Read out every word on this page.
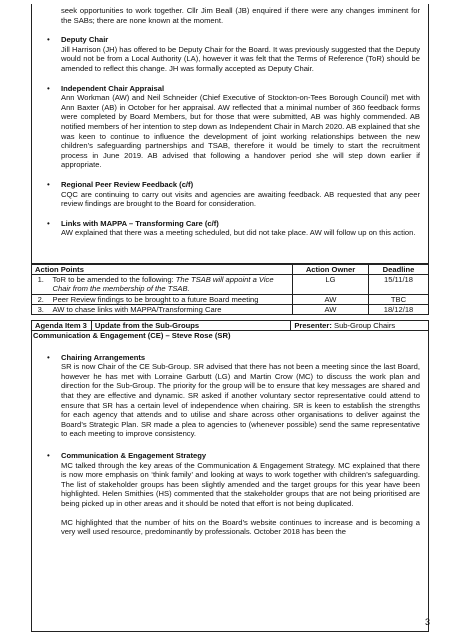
seek opportunities to work together. Cllr Jim Beall (JB) enquired if there were any changes imminent for the SABs; there are none known at the moment.

• Deputy Chair

Jill Harrison (JH) has offered to be Deputy Chair for the Board. It was previously suggested that the Deputy would not be from a Local Authority (LA), however it was felt that the Terms of Reference (ToR) should be amended to reflect this change. JH was formally accepted as Deputy Chair.

• Independent Chair Appraisal

Ann Workman (AW) and Neil Schneider (Chief Executive of Stockton-on-Tees Borough Council) met with Ann Baxter (AB) in October for her appraisal. AW reflected that a minimal number of 360 feedback forms were completed by Board Members, but for those that were submitted, AB was highly commended. AB notified members of her intention to step down as Independent Chair in March 2020. AB explained that she was keen to continue to influence the development of joint working relationships between the new children’s safeguarding partnerships and TSAB, therefore it would be timely to start the recruitment process in June 2019. AB advised that following a handover period she will step down earlier if appropriate.

• Regional Peer Review Feedback (c/f)

CQC are continuing to carry out visits and agencies are awaiting feedback. AB requested that any peer review findings are brought to the Board for consideration.

• Links with MAPPA – Transforming Care (c/f)

AW explained that there was a meeting scheduled, but did not take place. AW will follow up on this action.

Action Points		Action Owner	Deadline
1.	ToR to be amended to the following: The TSAB will appoint a Vice Chair from the membership of the TSAB.	LG	15/11/18
2.	Peer Review findings to be brought to a future Board meeting	AW	TBC
3.	AW to chase links with MAPPA/Transforming Care	AW	18/12/18
Agenda Item 3	Update from the Sub-Groups	Presenter: Sub-Group Chairs
Communication & Engagement (CE) – Steve Rose (SR)
• Chairing Arrangements

SR is now Chair of the CE Sub-Group. SR advised that there has not been a meeting since the last Board, however he has met with Lorraine Garbutt (LG) and Martin Crow (MC) to discuss the work plan and direction for the Sub-Group. The priority for the group will be to ensure that key messages are shared and that they are effective and dynamic. SR asked if another voluntary sector representative could attend to ensure that SR has a certain level of independence when chairing. SR is keen to establish the strengths for each agency that attends and to utilise and share across other organisations to deliver against the Board’s Strategic Plan. SR made a plea to agencies to (whenever possible) send the same representative to each meeting to improve consistency.

• Communication & Engagement Strategy

MC talked through the key areas of the Communication & Engagement Strategy. MC explained that there is now more emphasis on ‘think family’ and looking at ways to work together with children’s safeguarding. The list of stakeholder groups has been slightly amended and the target groups for this year have been highlighted. Helen Smithies (HS) commented that the stakeholder groups that are not being prioritised are being picked up in other areas and it should be noted that effort is not being duplicated.

MC highlighted that the number of hits on the Board’s website continues to increase and is becoming a very well used resource, predominantly by professionals. October 2018 has been the

3
